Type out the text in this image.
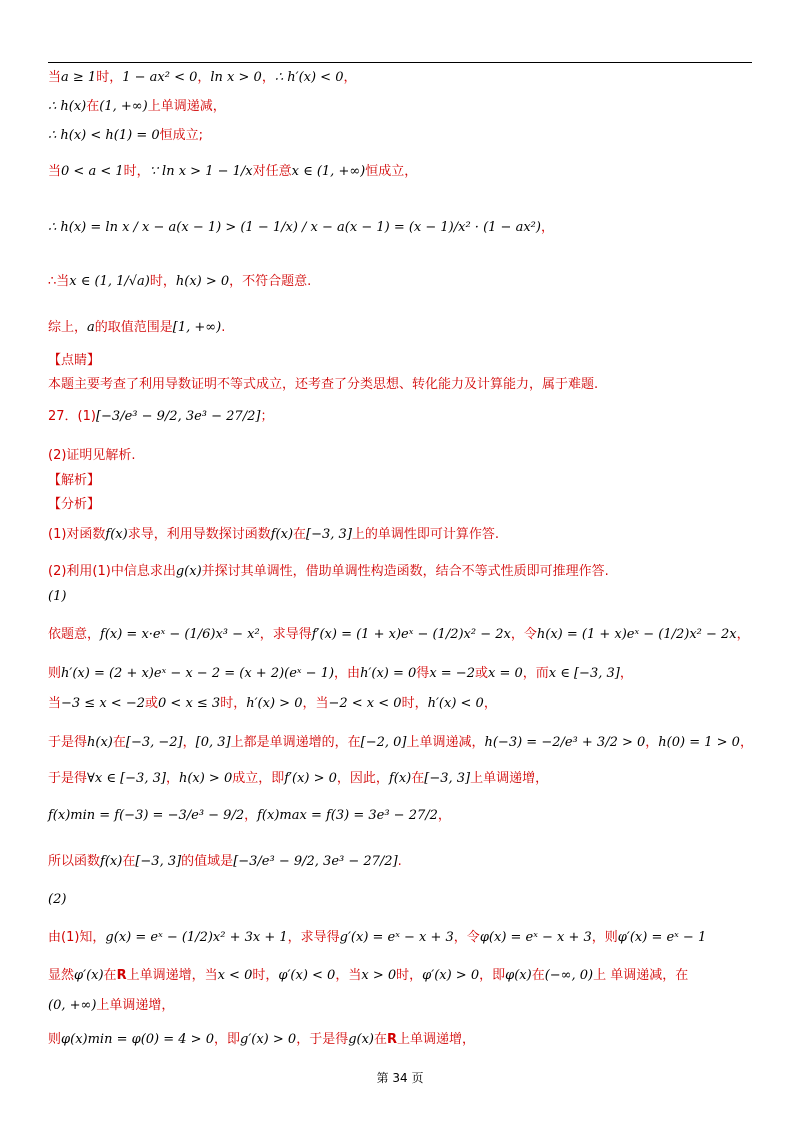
当a ≥ 1时，1 − ax² < 0，ln x > 0，∴ h′(x) < 0，
∴ h(x)在(1, +∞)上单调递减，
∴ h(x) < h(1) = 0恒成立;
当0 < a < 1时，∵ ln x > 1 − 1/x对任意x ∈ (1, +∞)恒成立，
∴ h(x) = ln x / x − a(x − 1) > (1 − 1/x) / x − a(x − 1) = (x − 1)/x² · (1 − ax²)，
∴当x ∈ (1, 1/√a)时，h(x) > 0，不符合题意.
综上，a的取值范围是[1, +∞).
【点睛】
本题主要考查了利用导数证明不等式成立，还考查了分类思想、转化能力及计算能力，属于难题.
27．(1)[−3/e³ − 9/2, 3e³ − 27/2]；
(2)证明见解析.
【解析】
【分析】
(1)对函数f(x)求导，利用导数探讨函数f(x)在[−3, 3]上的单调性即可计算作答.
(2)利用(1)中信息求出g(x)并探讨其单调性，借助单调性构造函数，结合不等式性质即可推理作答.
(1)
依题意，f(x) = x·eˣ − (1/6)x³ − x²，求导得f′(x) = (1 + x)eˣ − (1/2)x² − 2x，令h(x) = (1 + x)eˣ − (1/2)x² − 2x，
则h′(x) = (2 + x)eˣ − x − 2 = (x + 2)(eˣ − 1)，由h′(x) = 0得x = −2或x = 0，而x ∈ [−3, 3]，
当−3 ≤ x < −2或0 < x ≤ 3时，h′(x) > 0，当−2 < x < 0时，h′(x) < 0，
于是得h(x)在[−3, −2]，[0, 3]上都是单调递增的，在[−2, 0]上单调递减，h(−3) = −2/e³ + 3/2 > 0，h(0) = 1 > 0，
于是得∀x ∈ [−3, 3]，h(x) > 0成立，即f′(x) > 0，因此，f(x)在[−3, 3]上单调递增，
f(x)min = f(−3) = −3/e³ − 9/2，f(x)max = f(3) = 3e³ − 27/2，
所以函数f(x)在[−3, 3]的值域是[−3/e³ − 9/2, 3e³ − 27/2].
(2)
由(1)知，g(x) = eˣ − (1/2)x² + 3x + 1，求导得g′(x) = eˣ − x + 3，令φ(x) = eˣ − x + 3，则φ′(x) = eˣ − 1
显然φ′(x)在R上单调递增，当x < 0时，φ′(x) < 0，当x > 0时，φ′(x) > 0，即φ(x)在(−∞, 0)上 单调递减，在
(0, +∞)上单调递增，
则φ(x)min = φ(0) = 4 > 0，即g′(x) > 0，于是得g(x)在R上单调递增，
第 34 页
